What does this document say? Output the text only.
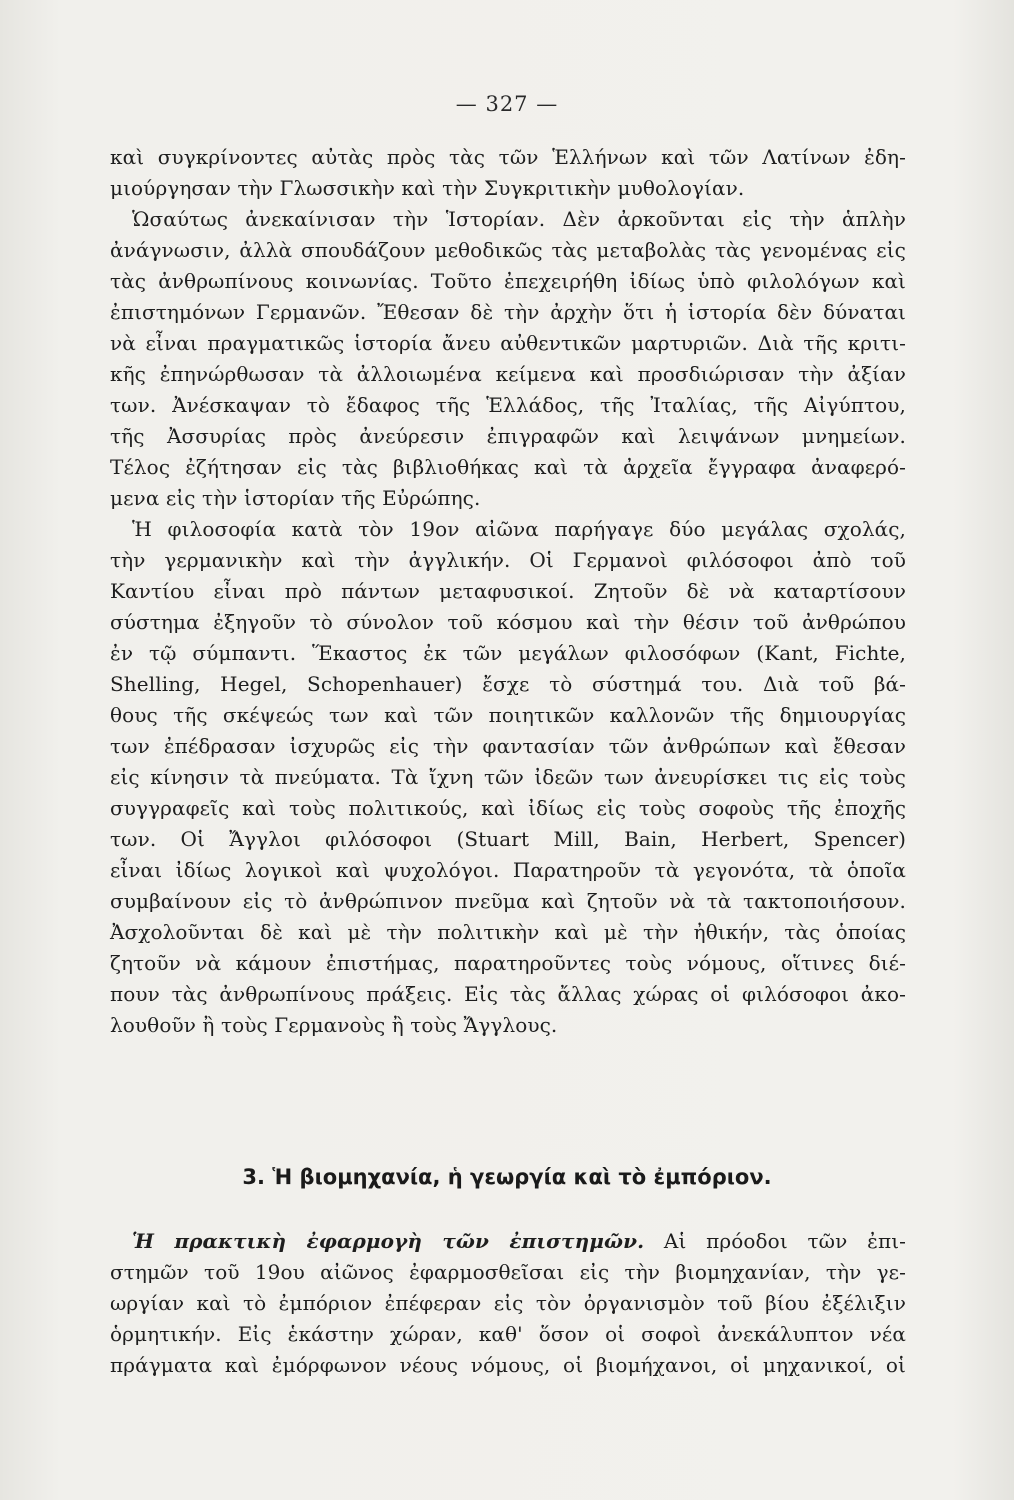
— 327 —
καὶ συγκρίνοντες αὐτὰς πρὸς τὰς τῶν Ἑλλήνων καὶ τῶν Λατίνων ἐδη-
μιούργησαν τὴν Γλωσσικὴν καὶ τὴν Συγκριτικὴν μυθολογίαν.
Ὡσαύτως ἀνεκαίνισαν τὴν Ἱστορίαν. Δὲν ἀρκοῦνται εἰς τὴν ἁπλὴν
ἀνάγνωσιν, ἀλλὰ σπουδάζουν μεθοδικῶς τὰς μεταβολὰς τὰς γενομένας εἰς
τὰς ἀνθρωπίνους κοινωνίας. Τοῦτο ἐπεχειρήθη ἰδίως ὑπὸ φιλολόγων καὶ
ἐπιστημόνων Γερμανῶν. Ἔθεσαν δὲ τὴν ἀρχὴν ὅτι ἡ ἱστορία δὲν δύναται
νὰ εἶναι πραγματικῶς ἱστορία ἄνευ αὐθεντικῶν μαρτυριῶν. Διὰ τῆς κριτι-
κῆς ἐπηνώρθωσαν τὰ ἀλλοιωμένα κείμενα καὶ προσδιώρισαν τὴν ἀξίαν
των. Ἀνέσκαψαν τὸ ἔδαφος τῆς Ἑλλάδος, τῆς Ἰταλίας, τῆς Αἰγύπτου,
τῆς Ἀσσυρίας πρὸς ἀνεύρεσιν ἐπιγραφῶν καὶ λειψάνων μνημείων.
Τέλος ἐζήτησαν εἰς τὰς βιβλιοθήκας καὶ τὰ ἀρχεῖα ἔγγραφα ἀναφερό-
μενα εἰς τὴν ἱστορίαν τῆς Εὐρώπης.
Ἡ φιλοσοφία κατὰ τὸν 19ον αἰῶνα παρήγαγε δύο μεγάλας σχολάς,
τὴν γερμανικὴν καὶ τὴν ἀγγλικήν. Οἱ Γερμανοὶ φιλόσοφοι ἀπὸ τοῦ
Καντίου εἶναι πρὸ πάντων μεταφυσικοί. Ζητοῦν δὲ νὰ καταρτίσουν
σύστημα ἐξηγοῦν τὸ σύνολον τοῦ κόσμου καὶ τὴν θέσιν τοῦ ἀνθρώπου
ἐν τῷ σύμπαντι. Ἕκαστος ἐκ τῶν μεγάλων φιλοσόφων (Kant, Fichte,
Shelling, Hegel, Schopenhauer) ἔσχε τὸ σύστημά του. Διὰ τοῦ βά-
θους τῆς σκέψεώς των καὶ τῶν ποιητικῶν καλλονῶν τῆς δημιουργίας
των ἐπέδρασαν ἰσχυρῶς εἰς τὴν φαντασίαν τῶν ἀνθρώπων καὶ ἔθεσαν
εἰς κίνησιν τὰ πνεύματα. Τὰ ἴχνη τῶν ἰδεῶν των ἀνευρίσκει τις εἰς τοὺς
συγγραφεῖς καὶ τοὺς πολιτικούς, καὶ ἰδίως εἰς τοὺς σοφοὺς τῆς ἐποχῆς
των. Οἱ Ἄγγλοι φιλόσοφοι (Stuart Mill, Bain, Herbert, Spencer)
εἶναι ἰδίως λογικοὶ καὶ ψυχολόγοι. Παρατηροῦν τὰ γεγονότα, τὰ ὁποῖα
συμβαίνουν εἰς τὸ ἀνθρώπινον πνεῦμα καὶ ζητοῦν νὰ τὰ τακτοποιήσουν.
Ἀσχολοῦνται δὲ καὶ μὲ τὴν πολιτικὴν καὶ μὲ τὴν ἠθικήν, τὰς ὁποίας
ζητοῦν νὰ κάμουν ἐπιστήμας, παρατηροῦντες τοὺς νόμους, οἵτινες διέ-
πουν τὰς ἀνθρωπίνους πράξεις. Εἰς τὰς ἄλλας χώρας οἱ φιλόσοφοι ἀκο-
λουθοῦν ἢ τοὺς Γερμανοὺς ἢ τοὺς Ἄγγλους.
3. Ἡ βιομηχανία, ἡ γεωργία καὶ τὸ ἐμπόριον.
Ἡ πρακτικὴ ἐφαρμογὴ τῶν ἐπιστημῶν. Αἱ πρόοδοι τῶν ἐπι-
στημῶν τοῦ 19ου αἰῶνος ἐφαρμοσθεῖσαι εἰς τὴν βιομηχανίαν, τὴν γε-
ωργίαν καὶ τὸ ἐμπόριον ἐπέφεραν εἰς τὸν ὀργανισμὸν τοῦ βίου ἐξέλιξιν
ὁρμητικήν. Εἰς ἑκάστην χώραν, καθ' ὅσον οἱ σοφοὶ ἀνεκάλυπτον νέα
πράγματα καὶ ἐμόρφωνον νέους νόμους, οἱ βιομήχανοι, οἱ μηχανικοί, οἱ
